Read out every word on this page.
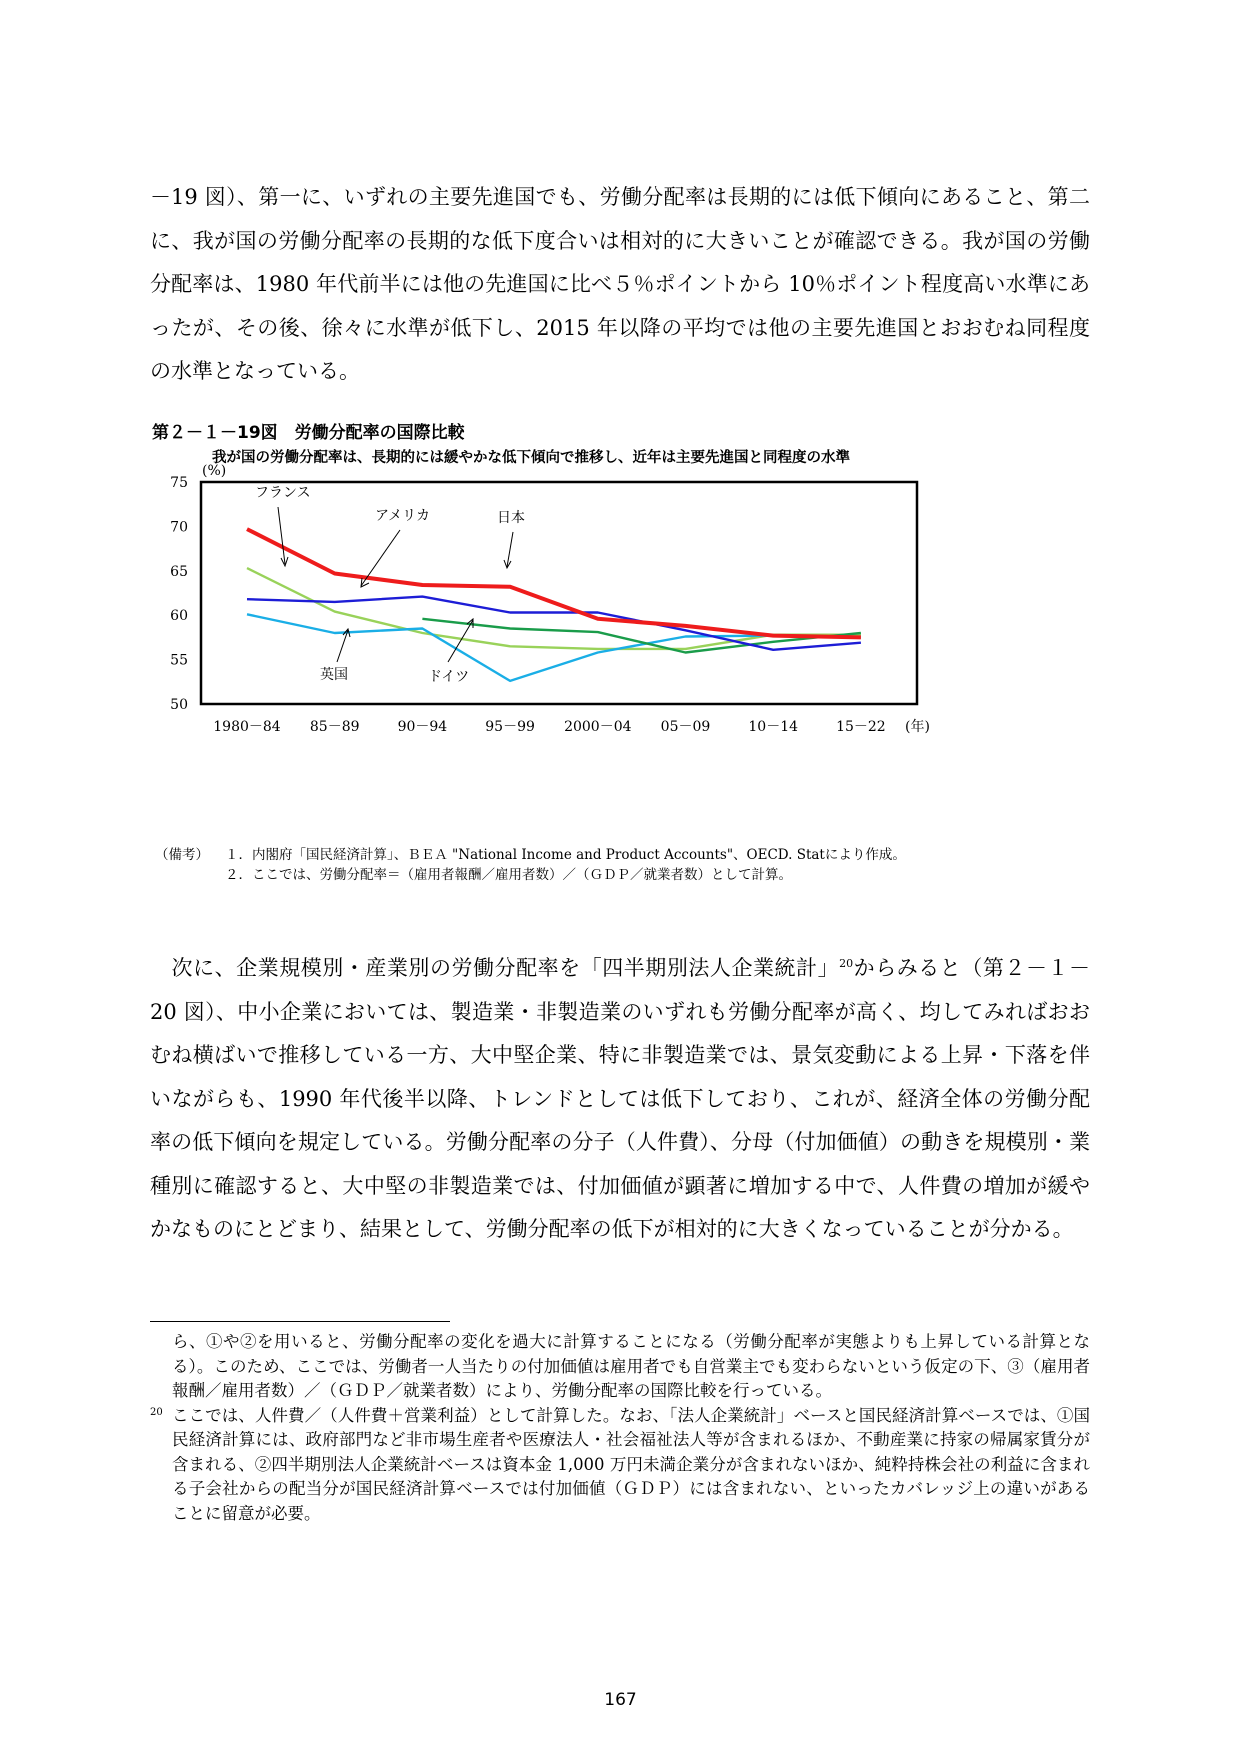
－19 図）、第一に、いずれの主要先進国でも、労働分配率は長期的には低下傾向にあること、第二に、我が国の労働分配率の長期的な低下度合いは相対的に大きいことが確認できる。我が国の労働分配率は、1980 年代前半には他の先進国に比べ５％ポイントから 10％ポイント程度高い水準にあったが、その後、徐々に水準が低下し、2015 年以降の平均では他の主要先進国とおおむね同程度の水準となっている。

第２－１－19図　労働分配率の国際比較

我が国の労働分配率は、長期的には緩やかな低下傾向で推移し、近年は主要先進国と同程度の水準

(%)
75
70
65
60
55
50
1980－84 85－89	90－94	95－99 2000－04 05－09	10－14	15－22 (年)
フランス
アメリカ	日本
英国	ドイツ
（備考）	１．内閣府「国民経済計算」、ＢＥＡ "National Income and Product Accounts"、OECD. Statにより作成。
２．ここでは、労働分配率＝（雇用者報酬／雇用者数）／（ＧＤＰ／就業者数）として計算。

次に、企業規模別・産業別の労働分配率を「四半期別法人企業統計」$^{20}$からみると（第２－１－20 図）、中小企業においては、製造業・非製造業のいずれも労働分配率が高く、均してみればおおむね横ばいで推移している一方、大中堅企業、特に非製造業では、景気変動による上昇・下落を伴いながらも、1990 年代後半以降、トレンドとしては低下しており、これが、経済全体の労働分配率の低下傾向を規定している。労働分配率の分子（人件費）、分母（付加価値）の動きを規模別・業種別に確認すると、大中堅の非製造業では、付加価値が顕著に増加する中で、人件費の増加が緩やかなものにとどまり、結果として、労働分配率の低下が相対的に大きくなっていることが分かる。

ら、①や②を用いると、労働分配率の変化を過大に計算することになる（労働分配率が実態よりも上昇している計算となる）。このため、ここでは、労働者一人当たりの付加価値は雇用者でも自営業主でも変わらないという仮定の下、③（雇用者報酬／雇用者数）／（ＧＤＰ／就業者数）により、労働分配率の国際比較を行っている。

20 ここでは、人件費／（人件費＋営業利益）として計算した。なお、「法人企業統計」ベースと国民経済計算ベースでは、①国民経済計算には、政府部門など非市場生産者や医療法人・社会福祉法人等が含まれるほか、不動産業に持家の帰属家賃分が含まれる、②四半期別法人企業統計ベースは資本金 1,000 万円未満企業分が含まれないほか、純粋持株会社の利益に含まれる子会社からの配当分が国民経済計算ベースでは付加価値（ＧＤＰ）には含まれない、といったカバレッジ上の違いがあることに留意が必要。
167
